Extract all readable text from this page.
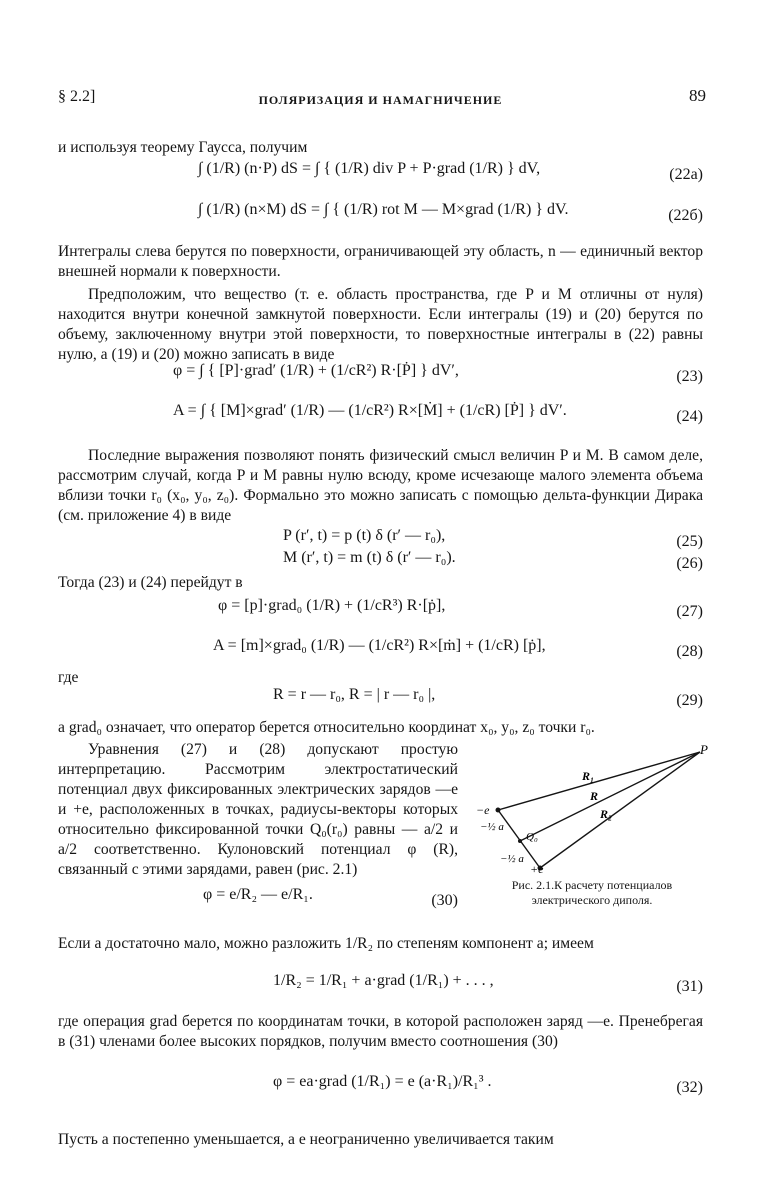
§ 2.2]	ПОЛЯРИЗАЦИЯ И НАМАГНИЧЕНИЕ	89
и используя теорему Гаусса, получим
∫ (1/R) (n·P) dS = ∫ { (1/R) div P + P·grad (1/R) } dV,	(22a)
∫ (1/R) (n×M) dS = ∫ { (1/R) rot M — M×grad (1/R) } dV.	(22б)
Интегралы слева берутся по поверхности, ограничивающей эту область, n — единичный вектор внешней нормали к поверхности.
Предположим, что вещество (т. е. область пространства, где P и M отличны от нуля) находится внутри конечной замкнутой поверхности. Если интегралы (19) и (20) берутся по объему, заключенному внутри этой поверхности, то поверхностные интегралы в (22) равны нулю, а (19) и (20) можно записать в виде
φ = ∫ { [P]·grad′ (1/R) + (1/cR²) R·[Ṗ] } dV′,	(23)
A = ∫ { [M]×grad′ (1/R) — (1/cR²) R×[Ṁ] + (1/cR) [Ṗ] } dV′.	(24)
Последние выражения позволяют понять физический смысл величин P и M. В самом деле, рассмотрим случай, когда P и M равны нулю всюду, кроме исчезающе малого элемента объема вблизи точки r₀ (x₀, y₀, z₀). Формально это можно записать с помощью дельта-функции Дирака (см. приложение 4) в виде
P (r′, t) = p (t) δ (r′ — r₀),	(25)
M (r′, t) = m (t) δ (r′ — r₀).	(26)
Тогда (23) и (24) перейдут в
φ = [p]·grad₀ (1/R) + (1/cR³) R·[ṗ],	(27)
A = [m]×grad₀ (1/R) — (1/cR²) R×[ṁ] + (1/cR) [ṗ],	(28)
где
R = r — r₀, R = | r — r₀ |,	(29)
а grad₀ означает, что оператор берется относительно координат x₀, y₀, z₀ точки r₀.
Уравнения (27) и (28) допускают простую интерпретацию. Рассмотрим электростатический потенциал двух фиксированных электрических зарядов —e и +e, расположенных в точках, радиусы-векторы которых относительно фиксированной точки Q₀(r₀) равны — a/2 и a/2 соответственно. Кулоновский потенциал φ (R), связанный с этими зарядами, равен (рис. 2.1)
φ = e/R₂ — e/R₁.	(30)
P
R₁
R
R₂
−e
+e
Q₀
−½ a
−½ a
Рис. 2.1.К расчету потенциалов электрического диполя.
Если a достаточно мало, можно разложить 1/R₂ по степеням компонент a; имеем
1/R₂ = 1/R₁ + a·grad (1/R₁) + . . . ,	(31)
где операция grad берется по координатам точки, в которой расположен заряд —e. Пренебрегая в (31) членами более высоких порядков, получим вместо соотношения (30)
φ = ea·grad (1/R₁) = e (a·R₁)/R₁³ .	(32)
Пусть a постепенно уменьшается, а e неограниченно увеличивается таким
